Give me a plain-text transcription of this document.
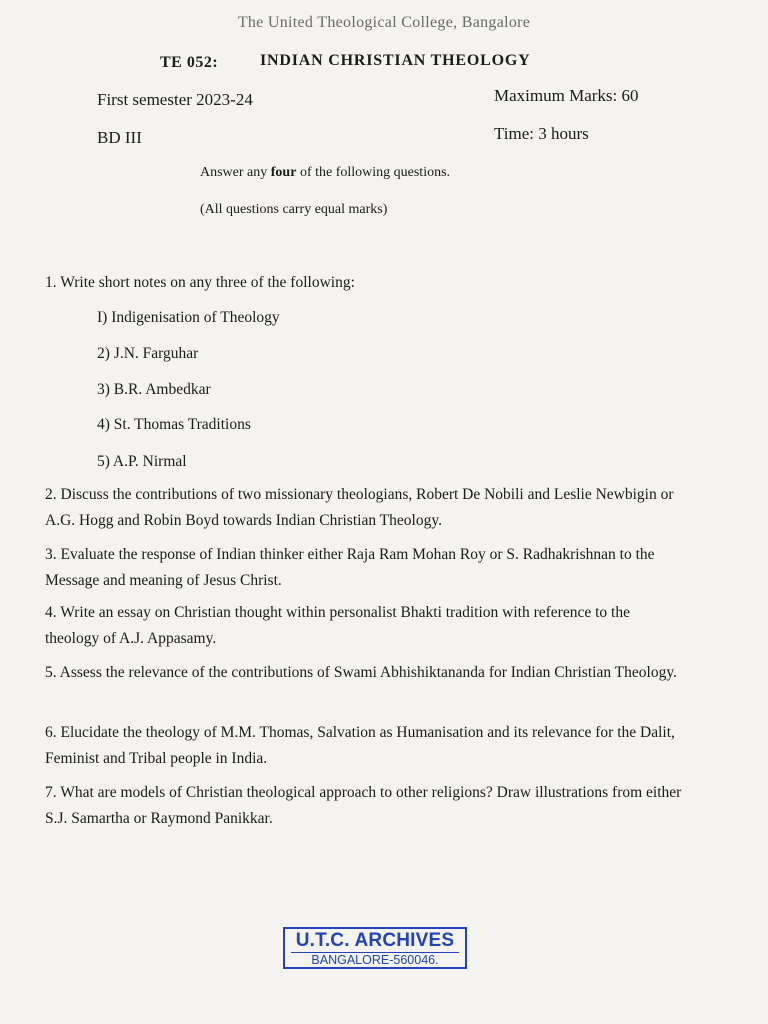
The United Theological College, Bangalore
TE 052:	INDIAN CHRISTIAN THEOLOGY
First semester 2023-24	Maximum Marks: 60
BD III	Time: 3 hours
Answer any four of the following questions.
(All questions carry equal marks)
1. Write short notes on any three of the following:
I) Indigenisation of Theology
2) J.N. Farguhar
3) B.R. Ambedkar
4) St. Thomas Traditions
5) A.P. Nirmal
2. Discuss the contributions of two missionary theologians, Robert De Nobili and Leslie Newbigin or A.G. Hogg and Robin Boyd towards Indian Christian Theology.
3. Evaluate the response of Indian thinker either Raja Ram Mohan Roy or S. Radhakrishnan to the Message and meaning of Jesus Christ.
4. Write an essay on Christian thought within personalist Bhakti tradition with reference to the theology of A.J. Appasamy.
5. Assess the relevance of the contributions of Swami Abhishiktananda for Indian Christian Theology.
6. Elucidate the theology of M.M. Thomas, Salvation as Humanisation and its relevance for the Dalit, Feminist and Tribal people in India.
7. What are models of Christian theological approach to other religions? Draw illustrations from either S.J. Samartha or Raymond Panikkar.
U.T.C. ARCHIVES
BANGALORE-560046.
